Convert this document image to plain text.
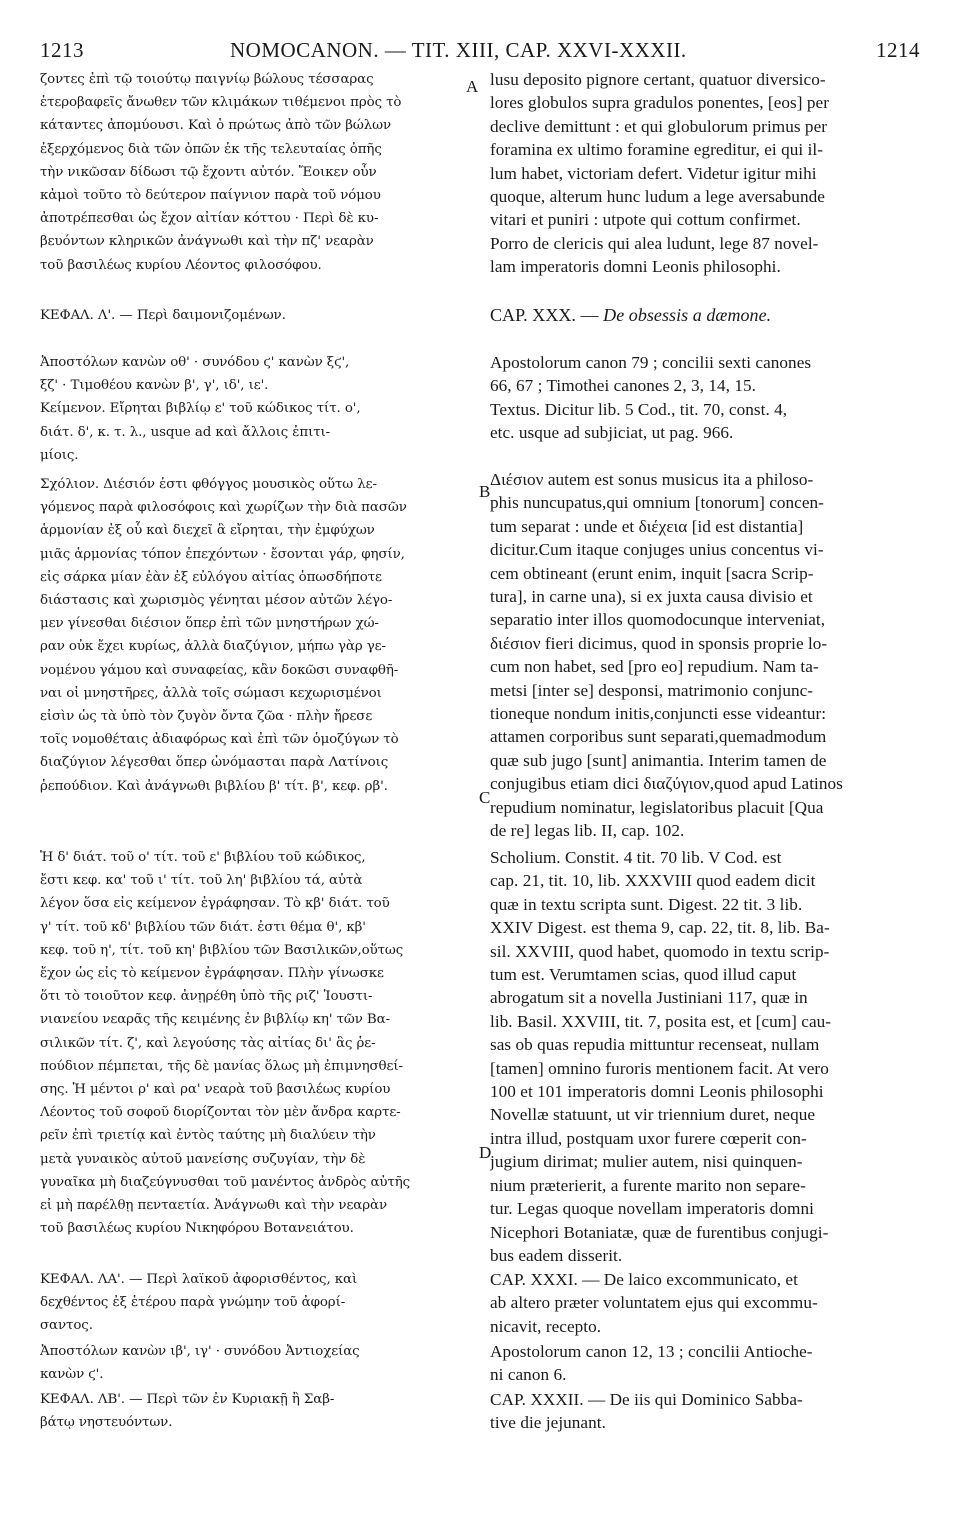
1213	NOMOCANON. — TIT. XIII, CAP. XXVI-XXXII.	1214
A
B
C
D
ζοντες ἐπὶ τῷ τοιούτῳ παιγνίῳ βώλους τέσσαρας
ἑτεροβαφεῖς ἄνωθεν τῶν κλιμάκων τιθέμενοι πρὸς τὸ
κάταντες ἀπομύουσι. Καὶ ὁ πρώτως ἀπὸ τῶν βώλων
ἐξερχόμενος διὰ τῶν ὀπῶν ἐκ τῆς τελευταίας ὀπῆς
τὴν νικῶσαν δίδωσι τῷ ἔχοντι αὐτόν. Ἔοικεν οὖν
κἀμοὶ τοῦτο τὸ δεύτερον παίγνιον παρὰ τοῦ νόμου
ἀποτρέπεσθαι ὡς ἔχον αἰτίαν κόττου · Περὶ δὲ κυ-
βευόντων κληρικῶν ἀνάγνωθι καὶ τὴν πζ' νεαρὰν
τοῦ βασιλέως κυρίου Λέοντος φιλοσόφου.
ΚΕΦΑΛ. Λ'. — Περὶ δαιμονιζομένων.
Ἀποστόλων κανὼν οθ' · συνόδου ϛ' κανὼν ξϛ',
ξζ' · Τιμοθέου κανὼν β', γ', ιδ', ιε'.
Κείμενον. Εἴρηται βιβλίῳ ε' τοῦ κώδικος τίτ. ο',
διάτ. δ', κ. τ. λ., usque ad καὶ ἄλλοις ἐπιτι-
μίοις.
Σχόλιον. Διέσιόν ἐστι φθόγγος μουσικὸς οὕτω λε-
γόμενος παρὰ φιλοσόφοις καὶ χωρίζων τὴν διὰ πασῶν
ἁρμονίαν ἐξ οὗ καὶ διεχεῖ ἃ εἴρηται, τὴν ἐμφύχων
μιᾶς ἁρμονίας τόπον ἐπεχόντων · ἔσονται γάρ, φησίν,
εἰς σάρκα μίαν ἐὰν ἐξ εὐλόγου αἰτίας ὁπωσδήποτε
διάστασις καὶ χωρισμὸς γένηται μέσον αὐτῶν λέγο-
μεν γίνεσθαι διέσιον ὅπερ ἐπὶ τῶν μνηστήρων χώ-
ραν οὐκ ἔχει κυρίως, ἀλλὰ διαζύγιον, μήπω γὰρ γε-
νομένου γάμου καὶ συναφείας, κἂν δοκῶσι συναφθῆ-
ναι οἱ μνηστῆρες, ἀλλὰ τοῖς σώμασι κεχωρισμένοι
εἰσὶν ὡς τὰ ὑπὸ τὸν ζυγὸν ὄντα ζῶα · πλὴν ἤρεσε
τοῖς νομοθέταις ἀδιαφόρως καὶ ἐπὶ τῶν ὁμοζύγων τὸ
διαζύγιον λέγεσθαι ὅπερ ὠνόμασται παρὰ Λατίνοις
ῥεπούδιον. Καὶ ἀνάγνωθι βιβλίου β' τίτ. β', κεφ. ρβ'.
Ἡ δ' διάτ. τοῦ ο' τίτ. τοῦ ε' βιβλίου τοῦ κώδικος,
ἔστι κεφ. κα' τοῦ ι' τίτ. τοῦ λη' βιβλίου τά, αὐτὰ
λέγον ὅσα εἰς κείμενον ἐγράφησαν. Τὸ κβ' διάτ. τοῦ
γ' τίτ. τοῦ κδ' βιβλίου τῶν διάτ. ἐστι θέμα θ', κβ'
κεφ. τοῦ η', τίτ. τοῦ κη' βιβλίου τῶν Βασιλικῶν,οὕτως
ἔχον ὡς εἰς τὸ κείμενον ἐγράφησαν. Πλὴν γίνωσκε
ὅτι τὸ τοιοῦτον κεφ. ἀνῃρέθη ὑπὸ τῆς ριζ' Ἰουστι-
νιανείου νεαρᾶς τῆς κειμένης ἐν βιβλίῳ κη' τῶν Βα-
σιλικῶν τίτ. ζ', καὶ λεγούσης τὰς αἰτίας δι' ἃς ῥε-
πούδιον πέμπεται, τῆς δὲ μανίας ὅλως μὴ ἐπιμνησθεί-
σης. Ἡ μέντοι ρ' καὶ ρα' νεαρὰ τοῦ βασιλέως κυρίου
Λέοντος τοῦ σοφοῦ διορίζονται τὸν μὲν ἄνδρα καρτε-
ρεῖν ἐπὶ τριετίᾳ καὶ ἐντὸς ταύτης μὴ διαλύειν τὴν
μετὰ γυναικὸς αὐτοῦ μανείσης συζυγίαν, τὴν δὲ
γυναῖκα μὴ διαζεύγνυσθαι τοῦ μανέντος ἀνδρὸς αὐτῆς
εἰ μὴ παρέλθῃ πενταετία. Ἀνάγνωθι καὶ τὴν νεαρὰν
τοῦ βασιλέως κυρίου Νικηφόρου Βοτανειάτου.
ΚΕΦΑΛ. ΛΑ'. — Περὶ λαϊκοῦ ἀφορισθέντος, καὶ
δεχθέντος ἐξ ἑτέρου παρὰ γνώμην τοῦ ἀφορί-
σαντος.
Ἀποστόλων κανὼν ιβ', ιγ' · συνόδου Ἀντιοχείας
κανὼν ϛ'.
ΚΕΦΑΛ. ΛΒ'. — Περὶ τῶν ἐν Κυριακῇ ἢ Σαβ-
βάτῳ νηστευόντων.
lusu deposito pignore certant, quatuor diversico-
lores globulos supra gradulos ponentes, [eos] per
declive demittunt : et qui globulorum primus per
foramina ex ultimo foramine egreditur, ei qui il-
lum habet, victoriam defert. Videtur igitur mihi
quoque, alterum hunc ludum a lege aversabunde
vitari et puniri : utpote qui cottum confirmet.
Porro de clericis qui alea ludunt, lege 87 novel-
lam imperatoris domni Leonis philosophi.
CAP. XXX. — De obsessis a dæmone.
Apostolorum canon 79 ; concilii sexti canones
66, 67 ; Timothei canones 2, 3, 14, 15.
Textus. Dicitur lib. 5 Cod., tit. 70, const. 4,
etc. usque ad subjiciat, ut pag. 966.
Διέσιον autem est sonus musicus ita a philoso-
phis nuncupatus,qui omnium [tonorum] concen-
tum separat : unde et διέχεια [id est distantia]
dicitur.Cum itaque conjuges unius concentus vi-
cem obtineant (erunt enim, inquit [sacra Scrip-
tura], in carne una), si ex juxta causa divisio et
separatio inter illos quomodocunque interveniat,
διέσιον fieri dicimus, quod in sponsis proprie lo-
cum non habet, sed [pro eo] repudium. Nam ta-
metsi [inter se] desponsi, matrimonio conjunc-
tioneque nondum initis,conjuncti esse videantur:
attamen corporibus sunt separati,quemadmodum
quæ sub jugo [sunt] animantia. Interim tamen de
conjugibus etiam dici διαζύγιον,quod apud Latinos
repudium nominatur, legislatoribus placuit [Qua
de re] legas lib. II, cap. 102.
Scholium. Constit. 4 tit. 70 lib. V Cod. est
cap. 21, tit. 10, lib. XXXVIII quod eadem dicit
quæ in textu scripta sunt. Digest. 22 tit. 3 lib.
XXIV Digest. est thema 9, cap. 22, tit. 8, lib. Ba-
sil. XXVIII, quod habet, quomodo in textu scrip-
tum est. Verumtamen scias, quod illud caput
abrogatum sit a novella Justiniani 117, quæ in
lib. Basil. XXVIII, tit. 7, posita est, et [cum] cau-
sas ob quas repudia mittuntur recenseat, nullam
[tamen] omnino furoris mentionem facit. At vero
100 et 101 imperatoris domni Leonis philosophi
Novellæ statuunt, ut vir triennium duret, neque
intra illud, postquam uxor furere cœperit con-
jugium dirimat; mulier autem, nisi quinquen-
nium præterierit, a furente marito non separe-
tur. Legas quoque novellam imperatoris domni
Nicephori Botaniatæ, quæ de furentibus conjugi-
bus eadem disserit.
CAP. XXXI. — De laico excommunicato, et
ab altero præter voluntatem ejus qui excommu-
nicavit, recepto.
Apostolorum canon 12, 13 ; concilii Antioche-
ni canon 6.
CAP. XXXII. — De iis qui Dominico Sabba-
tive die jejunant.
